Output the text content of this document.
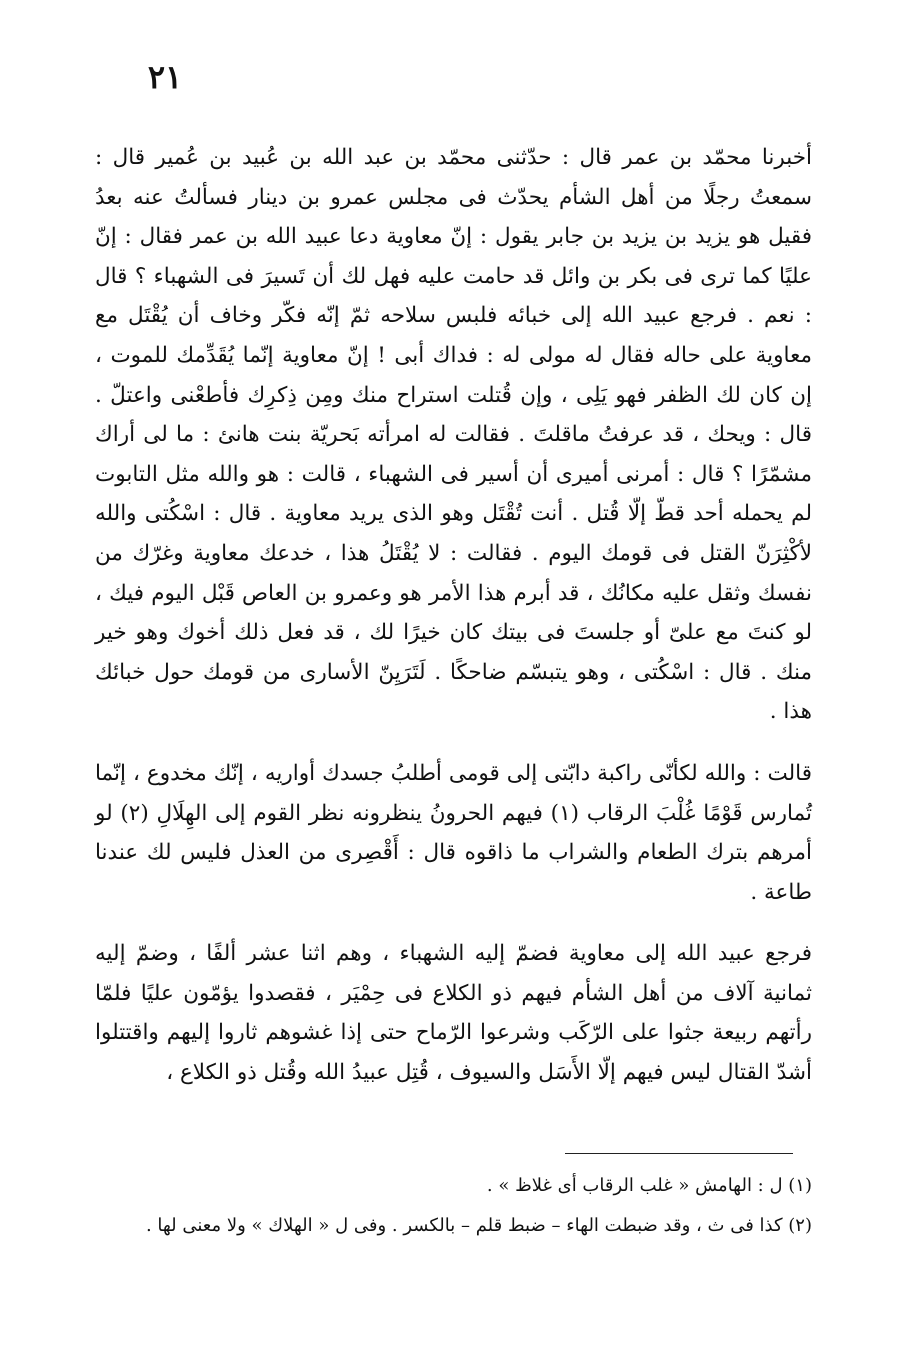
٢١

أخبرنا محمّد بن عمر قال : حدّثنى محمّد بن عبد الله بن عُبيد بن عُمير قال : سمعتُ رجلًا من أهل الشأم يحدّث فى مجلس عمرو بن دينار فسألتُ عنه بعدُ فقيل هو يزيد بن يزيد بن جابر يقول : إنّ معاوية دعا عبيد الله بن عمر فقال : إنّ عليًا كما ترى فى بكر بن وائل قد حامت عليه فهل لك أن تَسيرَ فى الشهباء ؟ قال : نعم . فرجع عبيد الله إلى خبائه فلبس سلاحه ثمّ إنّه فكّر وخاف أن يُقْتَل مع معاوية على حاله فقال له مولى له : فداك أبى ! إنّ معاوية إنّما يُقَدِّمك للموت ، إن كان لك الظفر فهو يَلِى ، وإن قُتلت استراح منك ومِن ذِكرِك فأطعْنى واعتلّ . قال : ويحك ، قد عرفتُ ماقلتَ . فقالت له امرأته بَحريّة بنت هانئ : ما لى أراك مشمّرًا ؟ قال : أمرنى أميرى أن أسير فى الشهباء ، قالت : هو والله مثل التابوت لم يحمله أحد قطّ إلّا قُتل . أنت تُقْتَل وهو الذى يريد معاوية . قال : اسْكُتى والله لأكْثِرَنّ القتل فى قومك اليوم . فقالت : لا يُقْتَلُ هذا ، خدعك معاوية وغرّك من نفسك وثقل عليه مكانُك ، قد أبرم هذا الأمر هو وعمرو بن العاص قَبْل اليوم فيك ، لو كنتَ مع علىّ أو جلستَ فى بيتك كان خيرًا لك ، قد فعل ذلك أخوك وهو خير منك . قال : اسْكُتى ، وهو يتبسّم ضاحكًا . لَتَرَيِنّ الأسارى من قومك حول خبائك هذا .

قالت : والله لكأنّى راكبة دابّتى إلى قومى أطلبُ جسدك أواريه ، إنّك مخدوع ، إنّما تُمارس قَوْمًا غُلْبَ الرقاب (١) فيهم الحرونُ ينظرونه نظر القوم إلى الهِلَالِ (٢) لو أمرهم بترك الطعام والشراب ما ذاقوه قال : أَقْصِرى من العذل فليس لك عندنا طاعة .

فرجع عبيد الله إلى معاوية فضمّ إليه الشهباء ، وهم اثنا عشر ألفًا ، وضمّ إليه ثمانية آلاف من أهل الشأم فيهم ذو الكلاع فى حِمْيَر ، فقصدوا يؤمّون عليًا فلمّا رأتهم ربيعة جثوا على الرّكَب وشرعوا الرّماح حتى إذا غشوهم ثاروا إليهم واقتتلوا أشدّ القتال ليس فيهم إلّا الأَسَل والسيوف ، قُتِل عبيدُ الله وقُتل ذو الكلاع ،

(١) ل : الهامش « غلب الرقاب أى غلاظ » .

(٢) كذا فى ث ، وقد ضبطت الهاء – ضبط قلم – بالكسر . وفى ل « الهلاك » ولا معنى لها .
